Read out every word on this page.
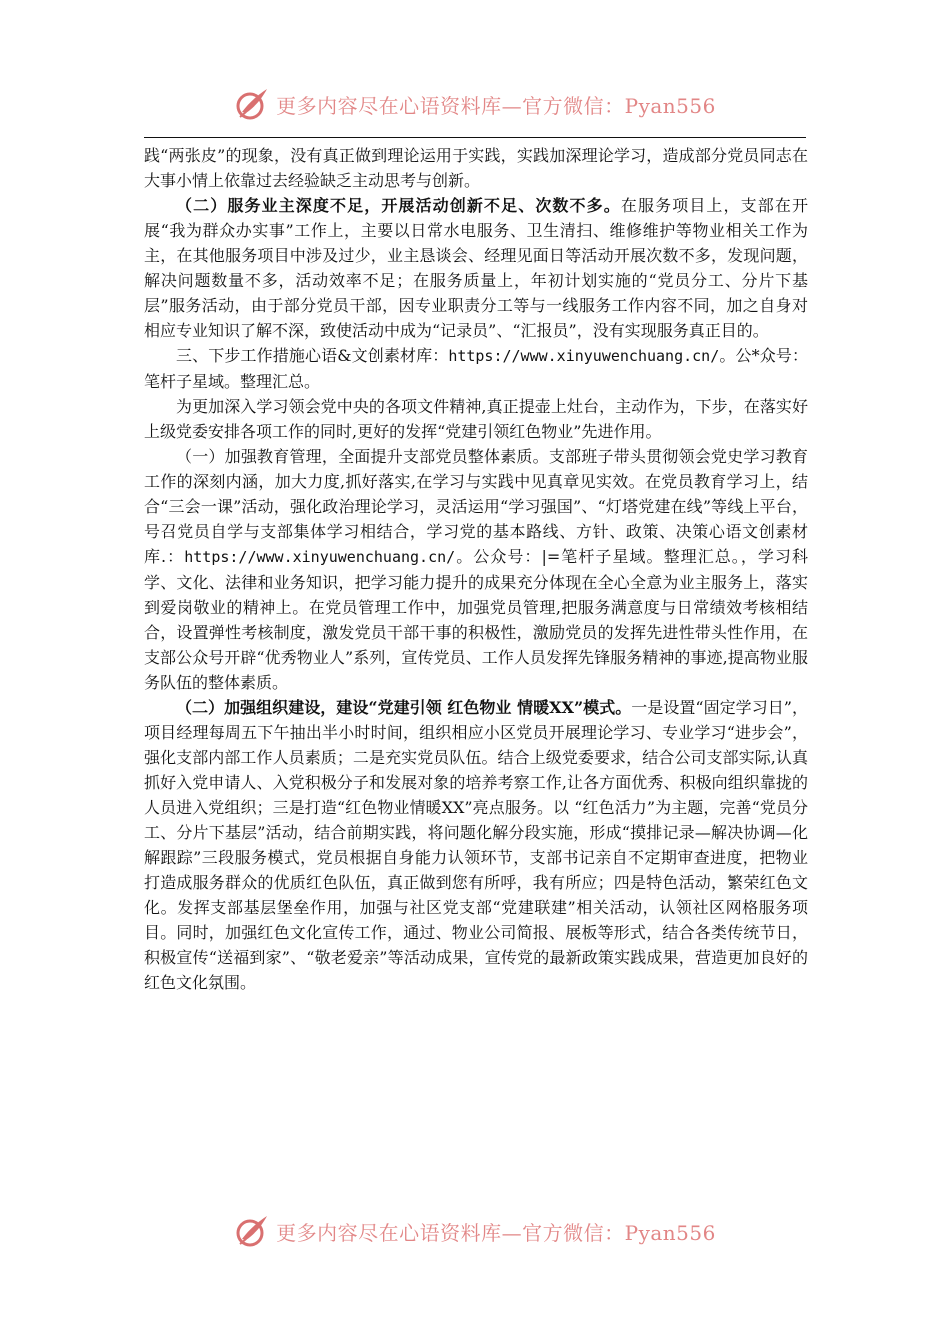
更多内容尽在心语资料库—官方微信：Pyan556

践“两张皮”的现象，没有真正做到理论运用于实践，实践加深理论学习，造成部分党员同志在大事小情上依靠过去经验缺乏主动思考与创新。

（二）服务业主深度不足，开展活动创新不足、次数不多。在服务项目上，支部在开展“我为群众办实事”工作上，主要以日常水电服务、卫生清扫、维修维护等物业相关工作为主，在其他服务项目中涉及过少，业主恳谈会、经理见面日等活动开展次数不多，发现问题，解决问题数量不多，活动效率不足；在服务质量上，年初计划实施的“党员分工、分片下基层”服务活动，由于部分党员干部，因专业职责分工等与一线服务工作内容不同，加之自身对相应专业知识了解不深，致使活动中成为“记录员”、“汇报员”，没有实现服务真正目的。

三、下步工作措施心语&文创素材库：https://www.xinyuwenchuang.cn/。公*众号：笔杆子星域。整理汇总。

为更加深入学习领会党中央的各项文件精神,真正提壶上灶台，主动作为，下步，在落实好上级党委安排各项工作的同时,更好的发挥“党建引领红色物业”先进作用。

（一）加强教育管理，全面提升支部党员整体素质。支部班子带头贯彻领会党史学习教育工作的深刻内涵，加大力度,抓好落实,在学习与实践中见真章见实效。在党员教育学习上，结合“三会一课”活动，强化政治理论学习，灵活运用“学习强国”、“灯塔党建在线”等线上平台，号召党员自学与支部集体学习相结合，学习党的基本路线、方针、政策、决策心语文创素材库.：https://www.xinyuwenchuang.cn/。公众号：|=笔杆子星域。整理汇总。，学习科学、文化、法律和业务知识，把学习能力提升的成果充分体现在全心全意为业主服务上，落实到爱岗敬业的精神上。在党员管理工作中，加强党员管理,把服务满意度与日常绩效考核相结合，设置弹性考核制度，激发党员干部干事的积极性，激励党员的发挥先进性带头性作用，在支部公众号开辟“优秀物业人”系列，宣传党员、工作人员发挥先锋服务精神的事迹,提高物业服务队伍的整体素质。

（二）加强组织建设，建设“党建引领 红色物业 情暖XX”模式。一是设置“固定学习日”，项目经理每周五下午抽出半小时时间，组织相应小区党员开展理论学习、专业学习“进步会”，强化支部内部工作人员素质；二是充实党员队伍。结合上级党委要求，结合公司支部实际,认真抓好入党申请人、入党积极分子和发展对象的培养考察工作,让各方面优秀、积极向组织靠拢的人员进入党组织；三是打造“红色物业情暖XX”亮点服务。以 “红色活力”为主题，完善“党员分工、分片下基层”活动，结合前期实践，将问题化解分段实施，形成“摸排记录—解决协调—化解跟踪”三段服务模式，党员根据自身能力认领环节，支部书记亲自不定期审查进度，把物业打造成服务群众的优质红色队伍，真正做到您有所呼，我有所应；四是特色活动，繁荣红色文化。发挥支部基层堡垒作用，加强与社区党支部“党建联建”相关活动，认领社区网格服务项目。同时，加强红色文化宣传工作，通过、物业公司简报、展板等形式，结合各类传统节日，积极宣传“送福到家”、“敬老爱亲”等活动成果，宣传党的最新政策实践成果，营造更加良好的红色文化氛围。

更多内容尽在心语资料库—官方微信：Pyan556
